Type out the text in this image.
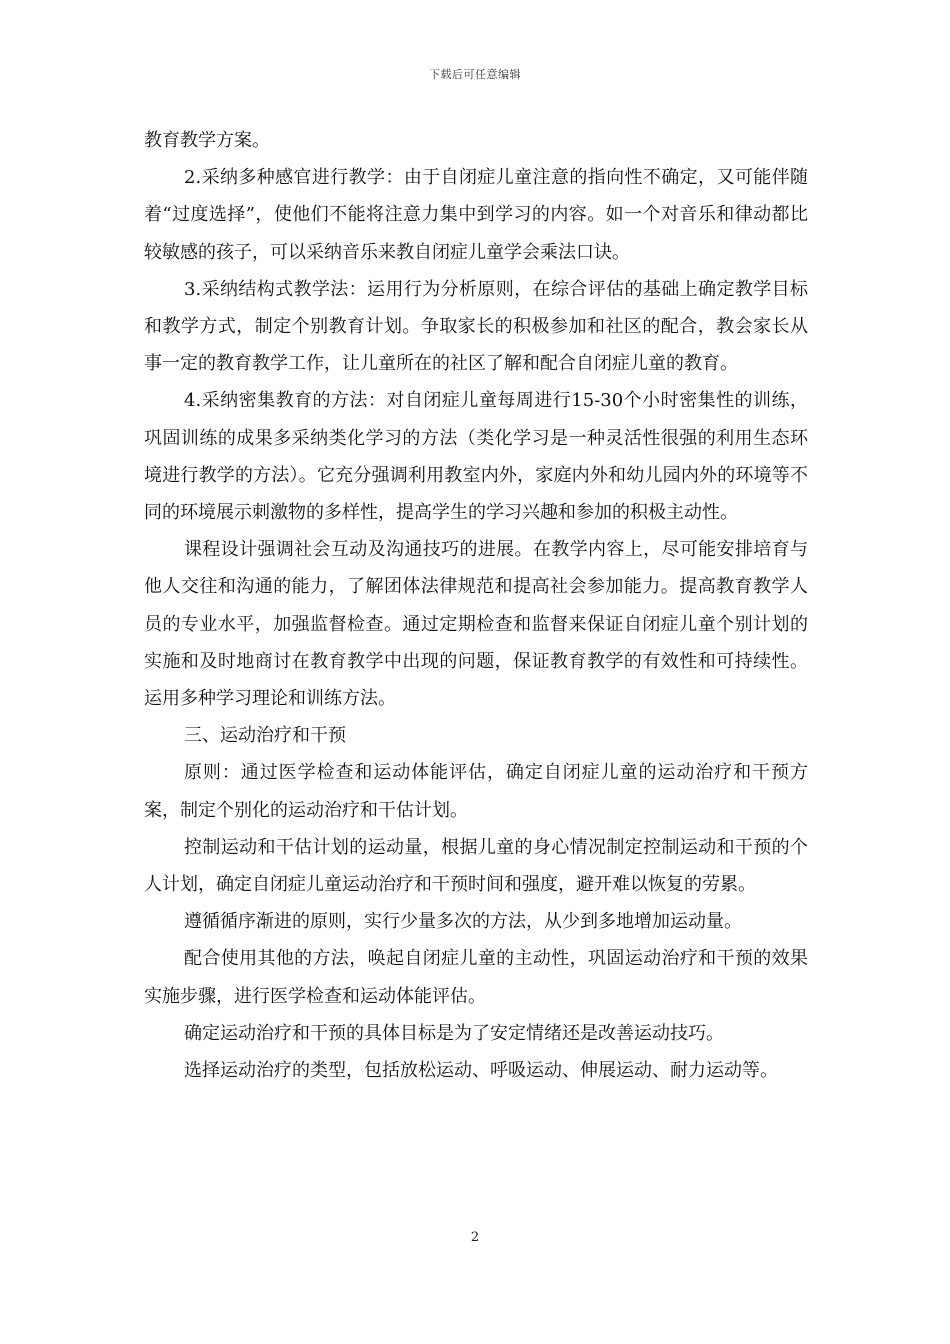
下载后可任意编辑

教育教学方案。

2.采纳多种感官进行教学：由于自闭症儿童注意的指向性不确定，又可能伴随着“过度选择”，使他们不能将注意力集中到学习的内容。如一个对音乐和律动都比较敏感的孩子，可以采纳音乐来教自闭症儿童学会乘法口诀。

3.采纳结构式教学法：运用行为分析原则，在综合评估的基础上确定教学目标和教学方式，制定个别教育计划。争取家长的积极参加和社区的配合，教会家长从事一定的教育教学工作，让儿童所在的社区了解和配合自闭症儿童的教育。

4.采纳密集教育的方法：对自闭症儿童每周进行15-30个小时密集性的训练，巩固训练的成果多采纳类化学习的方法（类化学习是一种灵活性很强的利用生态环境进行教学的方法）。它充分强调利用教室内外，家庭内外和幼儿园内外的环境等不同的环境展示刺激物的多样性，提高学生的学习兴趣和参加的积极主动性。

课程设计强调社会互动及沟通技巧的进展。在教学内容上，尽可能安排培育与他人交往和沟通的能力，了解团体法律规范和提高社会参加能力。提高教育教学人员的专业水平，加强监督检查。通过定期检查和监督来保证自闭症儿童个别计划的实施和及时地商讨在教育教学中出现的问题，保证教育教学的有效性和可持续性。运用多种学习理论和训练方法。

三、运动治疗和干预

原则：通过医学检查和运动体能评估，确定自闭症儿童的运动治疗和干预方案，制定个别化的运动治疗和干估计划。

控制运动和干估计划的运动量，根据儿童的身心情况制定控制运动和干预的个人计划，确定自闭症儿童运动治疗和干预时间和强度，避开难以恢复的劳累。

遵循循序渐进的原则，实行少量多次的方法，从少到多地增加运动量。

配合使用其他的方法，唤起自闭症儿童的主动性，巩固运动治疗和干预的效果实施步骤，进行医学检查和运动体能评估。

确定运动治疗和干预的具体目标是为了安定情绪还是改善运动技巧。

选择运动治疗的类型，包括放松运动、呼吸运动、伸展运动、耐力运动等。

2
